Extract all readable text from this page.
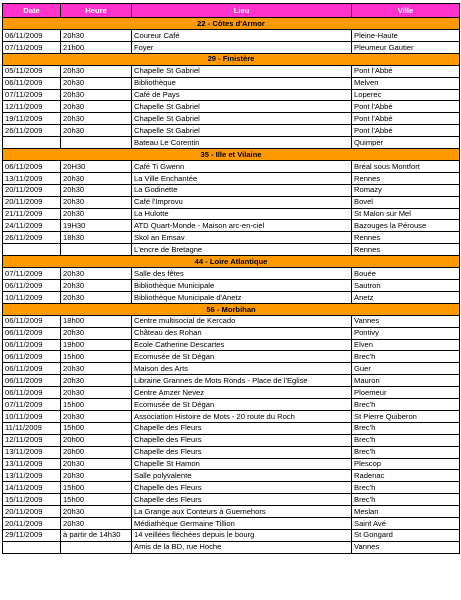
Date	Heure	Lieu	Ville
22 - Côtes d'Armor			
06/11/2009	20h30	Coureur Café	Pleine-Haute
07/11/2009	21h00	Foyer	Pleumeur Gautier
29 - Finistère			
05/11/2009	20h30	Chapelle St Gabriel	Pont l'Abbé
06/11/2009	20h30	Bibliothèque	Melven
07/11/2009	20h30	Café de Pays	Loperec
12/11/2009	20h30	Chapelle St Gabriel	Pont l'Abbé
19/11/2009	20h30	Chapelle St Gabriel	Pont l'Abbé
26/11/2009	20h30	Chapelle St Gabriel	Pont l'Abbé
		Bateau Le Corentin	Quimper
35 - Ille et Vilaine			
06/11/2009	20H30	Café Ti Gwenn	Bréal sous Montfort
13/11/2009	20h30	La Ville Enchantée	Rennes
20/11/2009	20h30	La Godinette	Romazy
20/11/2009	20h30	Café l'Improvu	Bovel
21/11/2009	20h30	La Hulotte	St Malon sur Mel
24/11/2009	19H30	ATD Quart-Monde - Maison arc-en-ciel	Bazouges la Pérouse
26/11/2009	18h30	Skol an Emsav	Rennes
		L'encre de Bretagne	Rennes
44 - Loire Atlantique			
07/11/2009	20h30	Salle des fêtes	Bouée
06/11/2009	20h30	Bibliothèque Municipale	Sautron
10/11/2009	20h30	Bibliothèque Municipale d'Anetz	Anetz
56 - Morbihan			
06/11/2009	18h00	Centre multisocial de Kercado	Vannes
06/11/2009	20h30	Château des Rohan	Pontivy
06/11/2009	19h00	Ecole Catherine Descartes	Elven
06/11/2009	15h00	Ecomusée de St Dégan	Brec'h
06/11/2009	20h30	Maison des Arts	Guer
06/11/2009	20h30	Librairie Grannes de Mots Ronds - Place de l'Eglise	Mauron
06/11/2009	20h30	Centre Amzer Nevez	Ploemeur
07/11/2009	15h00	Ecomusée de St Dégan	Brec'h
10/11/2009	20h30	Association Histoire de Mots - 20 route du Roch	St Pierre Quiberon
11/11/2009	15h00	Chapelle des Fleurs	Brec'h
12/11/2009	20h00	Chapelle des Fleurs	Brec'h
13/11/2009	20h00	Chapelle des Fleurs	Brec'h
13/11/2009	20h30	Chapelle St Hamon	Plescop
13/11/2009	20h30	Salle polyvalente	Radenac
14/11/2009	15h00	Chapelle des Fleurs	Brec'h
15/11/2009	15h00	Chapelle des Fleurs	Brec'h
20/11/2009	20h30	La Grange aux Conteurs à Guernehors	Meslan
20/11/2009	20h30	Médiathèque Germaine Tillion	Saint Avé
29/11/2009	à partir de 14h30	14 veillées fléchées depuis le bourg	St Gongard
		Amis de la BD, rue Hoche	Vannes
